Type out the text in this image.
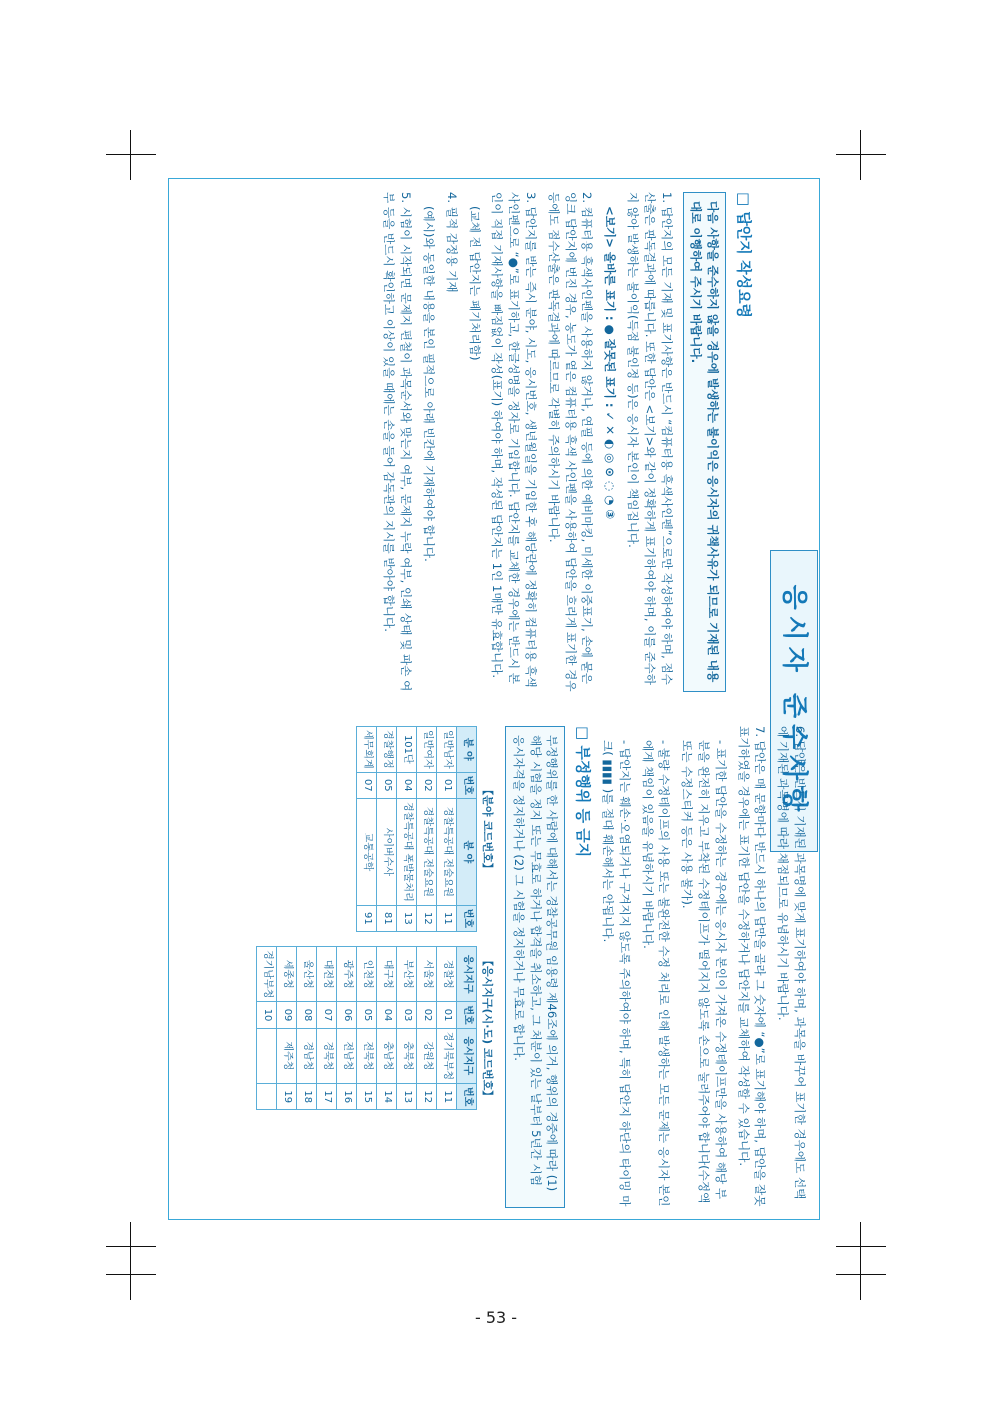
응시자 준수사항
□ 답안지 작성요령
다음 사항을 준수하지 않을 경우에 발생하는 불이익은 응시자의 귀책사유가 되므로 기재된 내용대로 이행하여 주시기 바랍니다.
1. 답안지의 모든 기재 및 표기사항은 반드시 “컴퓨터용 흑색사인펜”으로만 작성하여야 하며, 점수산출은 판독결과에 따릅니다. 또한 답안은 <보기>와 같이 정확하게 표기하여야 하며, 이를 준수하지 않아 발생하는 불이익(득점 불인정 등)은 응시자 본인이 책임집니다.
<보기> 올바른 표기 : ● 잘못된 표기 : ✓ ✕ ◐ ◎ ⊙ ◌ ◔ ③
2. 컴퓨터용 흑색사인펜을 사용하지 않거나, 연필 등에 의한 예비마킹, 미세한 이중표기, 손에 묻은 잉크 답안지에 번진 경우, 농도가 옅은 컴퓨터용 흑색 사인펜을 사용하여 답안을 흐리게 표기한 경우 등에도 점수산출은 판독결과에 따르므로 각별히 주의하시기 바랍니다.
3. 답안지를 받는 즉시 분야, 시도, 응시번호, 생년월일을 기입한 후 해당란에 정확히 컴퓨터용 흑색사인펜으로 “●”로 표기하고, 한글성명을 정자로 기입합니다. 답안지를 교체한 경우에는 반드시 본인이 직접 기재사항을 빠짐없이 작성(표기) 하여야 하며, 작성된 답안지는 1인 1매만 유효합니다.
(교체 전 답안지는 폐기처리함)
4. 필적 감정용 기재
(예시)와 동일한 내용을 본인 필적으로 아래 빈칸에 기재하여야 합니다.
5. 시험이 시작되면 문제지 편철이 과목순서와 맞는지 여부, 문제지 누락 여부, 인쇄 상태 및 파손 여부 등을 반드시 확인하고 이상이 있을 때에는 손을 들어 감독관의 지시를 받아야 합니다.
6. 답안은 반드시 기재된 과목명에 맞게 표기하여야 하며, 과목을 바꾸어 표기한 경우에도 선택에 기재된 과목명에 따라 채점되므로 유념하시기 바랍니다.
7. 답안은 매 문항마다 반드시 하나의 답만을 골라 그 숫자에 “●”로 표기해야 하며, 답안을 잘못 표기하였을 경우에는 표기한 답안을 수정하거나 답안지를 교체하여 작성할 수 있습니다.
- 표기한 답안을 수정하는 경우에는 응시자 본인이 가져온 수정테이프만을 사용하여 해당 부분을 완전히 지우고 부착된 수정테이프가 떨어지지 않도록 손으로 눌러주어야 합니다(수정액 또는 수정스티커 등은 사용 불가).
- 불량 수정테이프의 사용 또는 불완전한 수정 처리로 인해 발생하는 모든 문제는 응시자 본인에게 책임이 있음을 유념하시기 바랍니다.
- 답안지는 훼손·오염되거나 구겨지지 않도록 주의하여야 하며, 특히 답안지 하단의 타이밍 마크( ▮▮▮▮ )를 절대 훼손해서는 안됩니다.
□ 부정행위 등 금지
부정행위를 한 사람에 대해서는 경찰공무원 임용령 제46조에 의거, 행위의 경중에 따라 (1) 해당 시험을 정지 또는 무효로 하거나 합격을 취소하고, 그 처분이 있는 날부터 5년간 시험 응시자격을 정지하거나 (2) 그 시험을 정지하거나 무효로 합니다.
【분야 코드번호】
분 야	번호	분 야	번호
일반남자	01	경찰특공대 전술요원	11
일반여자	02	경찰특공대 전술요원	12
101단	04	경찰특공대 폭발물처리	13
경찰행정	05	사이버수사	81
세무회계	07	교통공학	91
【응시지구(시·도) 코드번호】
응시지구	번호	응시지구	번호
경찰청	01	경기북부청	11
서울청	02	강원청	12
부산청	03	충북청	13
대구청	04	충남청	14
인천청	05	전북청	15
광주청	06	전남청	16
대전청	07	경북청	17
울산청	08	경남청	18
세종청	09	제주청	19
경기남부청	10		
- 53 -
